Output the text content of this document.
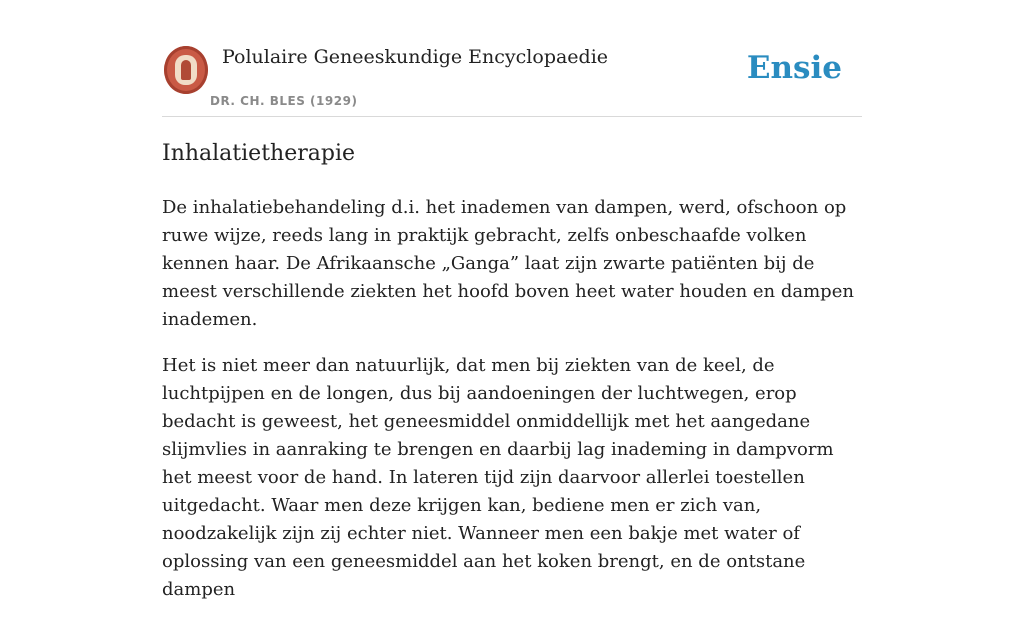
Polulaire Geneeskundige Encyclopaedie
DR. CH. BLES (1929)
Ensie
Inhalatietherapie

De inhalatiebehandeling d.i. het inademen van dampen, werd, ofschoon op ruwe wijze, reeds lang in praktijk gebracht, zelfs onbeschaafde volken kennen haar. De Afrikaansche „Ganga” laat zijn zwarte patiënten bij de meest verschillende ziekten het hoofd boven heet water houden en dampen inademen.

Het is niet meer dan natuurlijk, dat men bij ziekten van de keel, de luchtpijpen en de longen, dus bij aandoeningen der luchtwegen, erop bedacht is geweest, het geneesmiddel onmiddellijk met het aangedane slijmvlies in aanraking te brengen en daarbij lag inademing in dampvorm het meest voor de hand. In lateren tijd zijn daarvoor allerlei toestellen uitgedacht. Waar men deze krijgen kan, bediene men er zich van, noodzakelijk zijn zij echter niet. Wanneer men een bakje met water of oplossing van een geneesmiddel aan het koken brengt, en de ontstane dampen
